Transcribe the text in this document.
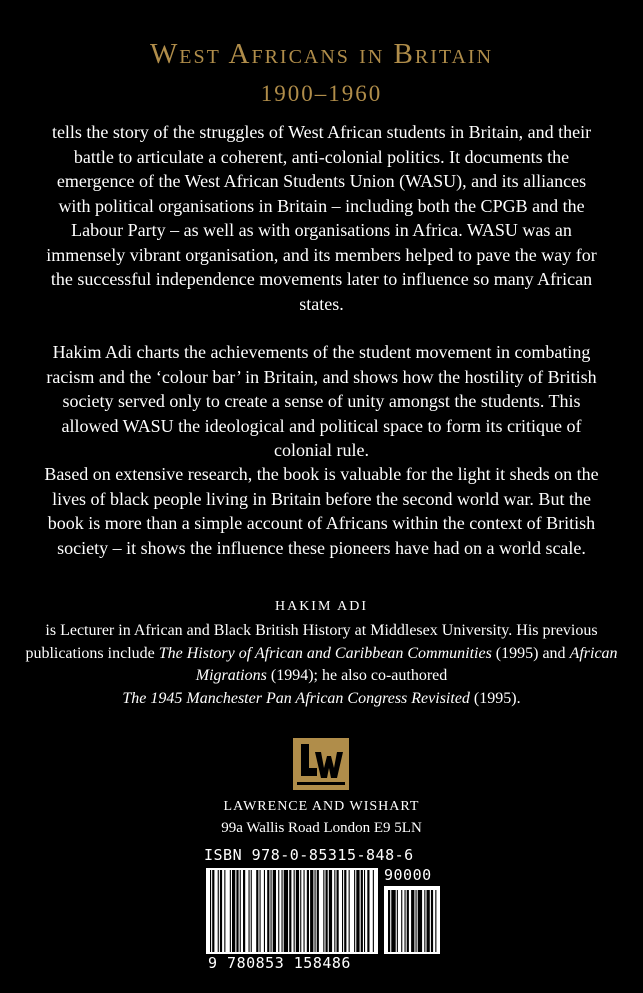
West Africans in Britain
1900–1960

tells the story of the struggles of West African students in Britain, and their battle to articulate a coherent, anti-colonial politics. It documents the emergence of the West African Students Union (WASU), and its alliances with political organisations in Britain – including both the CPGB and the Labour Party – as well as with organisations in Africa. WASU was an immensely vibrant organisation, and its members helped to pave the way for the successful independence movements later to influence so many African states.

Hakim Adi charts the achievements of the student movement in combating racism and the ‘colour bar’ in Britain, and shows how the hostility of British society served only to create a sense of unity amongst the students. This allowed WASU the ideological and political space to form its critique of colonial rule.

Based on extensive research, the book is valuable for the light it sheds on the lives of black people living in Britain before the second world war. But the book is more than a simple account of Africans within the context of British society – it shows the influence these pioneers have had on a world scale.

HAKIM ADI

is Lecturer in African and Black British History at Middlesex University. His previous publications include The History of African and Caribbean Communities (1995) and African Migrations (1994); he also co-authored
The 1945 Manchester Pan African Congress Revisited (1995).

LAWRENCE AND WISHART
99a Wallis Road London E9 5LN
ISBN 978-0-85315-848-6
90000
9 780853 158486
